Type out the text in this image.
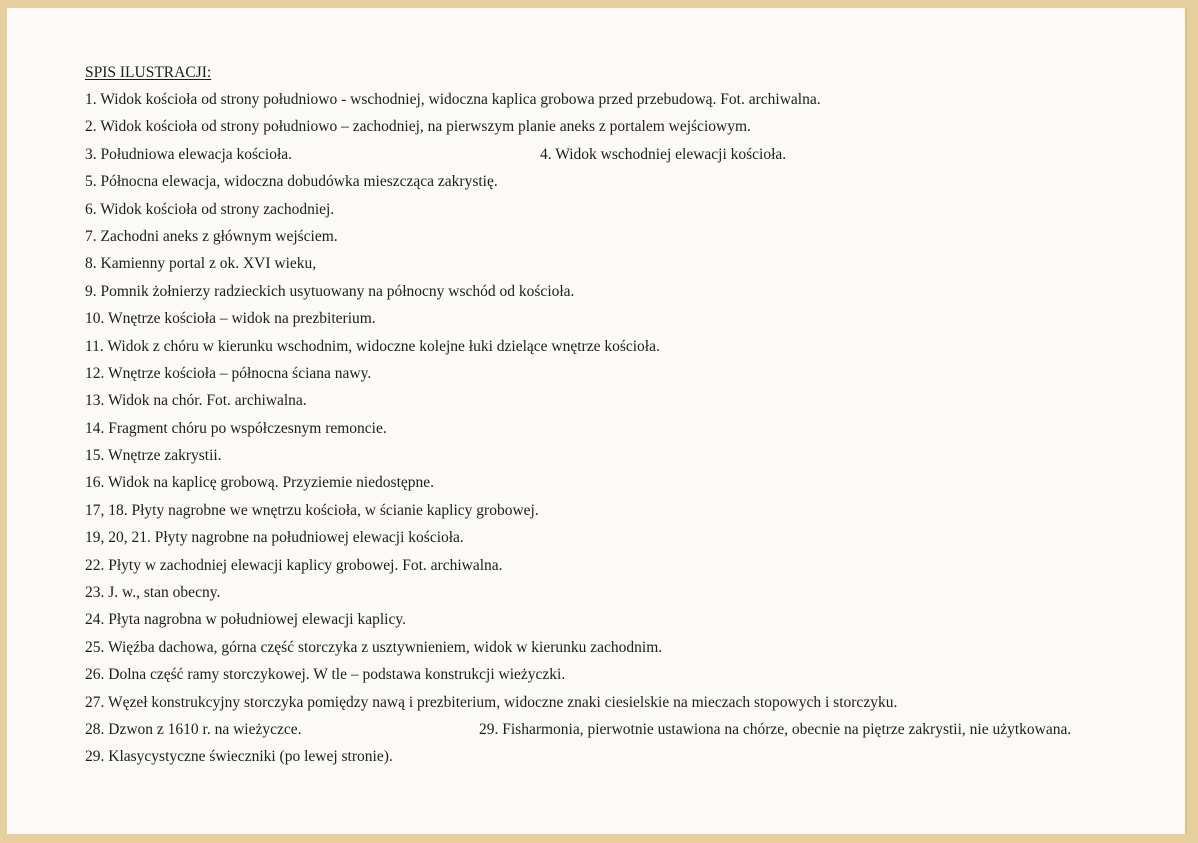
SPIS ILUSTRACJI:
1. Widok kościoła od strony południowo - wschodniej, widoczna kaplica grobowa przed przebudową. Fot. archiwalna.
2. Widok kościoła od strony południowo – zachodniej, na pierwszym planie aneks z portalem wejściowym.
3. Południowa elewacja kościoła.	4. Widok wschodniej elewacji kościoła.
5. Północna elewacja, widoczna dobudówka mieszcząca zakrystię.
6. Widok kościoła od strony zachodniej.
7. Zachodni aneks z głównym wejściem.
8. Kamienny portal z ok. XVI wieku,
9. Pomnik żołnierzy radzieckich usytuowany na północny wschód od kościoła.
10. Wnętrze kościoła – widok na prezbiterium.
11. Widok z chóru w kierunku wschodnim, widoczne kolejne łuki dzielące wnętrze kościoła.
12. Wnętrze kościoła – północna ściana nawy.
13. Widok na chór. Fot. archiwalna.
14. Fragment chóru po współczesnym remoncie.
15. Wnętrze zakrystii.
16. Widok na kaplicę grobową. Przyziemie niedostępne.
17, 18. Płyty nagrobne we wnętrzu kościoła, w ścianie kaplicy grobowej.
19, 20, 21. Płyty nagrobne na południowej elewacji kościoła.
22. Płyty w zachodniej elewacji kaplicy grobowej. Fot. archiwalna.
23. J. w., stan obecny.
24. Płyta nagrobna w południowej elewacji kaplicy.
25. Więźba dachowa, górna część storczyka z usztywnieniem, widok w kierunku zachodnim.
26. Dolna część ramy storczykowej. W tle – podstawa konstrukcji wieżyczki.
27. Węzeł konstrukcyjny storczyka pomiędzy nawą i prezbiterium, widoczne znaki ciesielskie na mieczach stopowych i storczyku.
28. Dzwon z 1610 r. na wieżyczce.	29. Fisharmonia, pierwotnie ustawiona na chórze, obecnie na piętrze zakrystii, nie użytkowana.
29. Klasycystyczne świeczniki (po lewej stronie).
